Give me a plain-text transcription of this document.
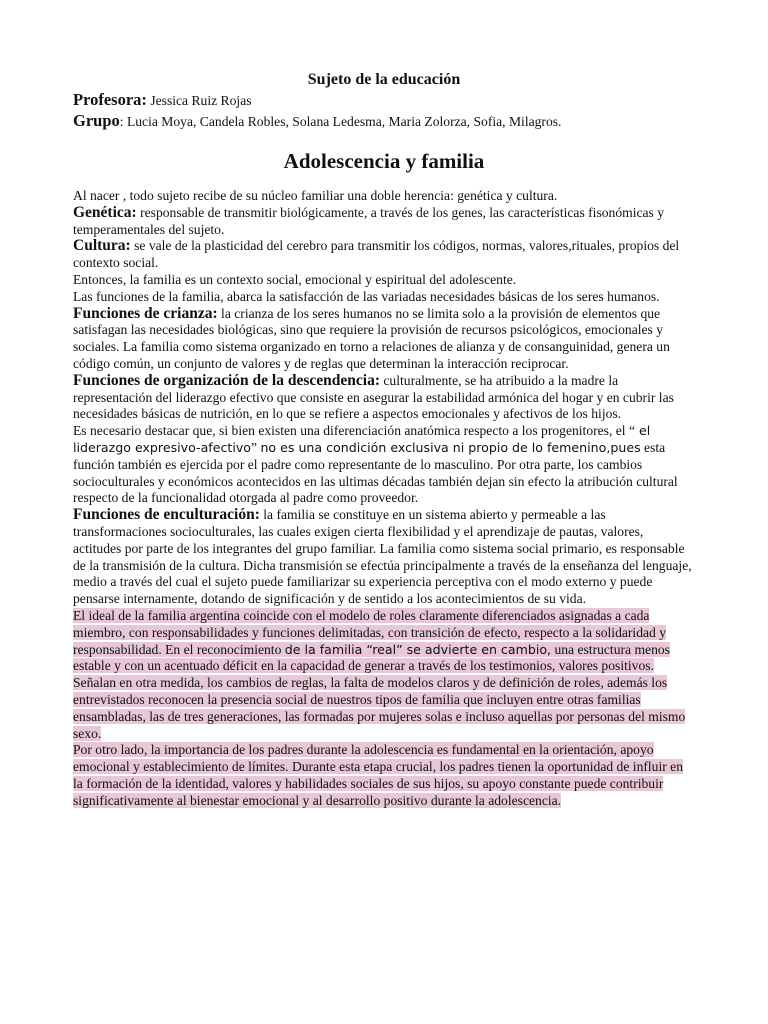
Sujeto de la educación

Profesora: Jessica Ruiz Rojas

Grupo: Lucia Moya, Candela Robles, Solana Ledesma, Maria Zolorza, Sofia, Milagros.

Adolescencia y familia

Al nacer , todo sujeto recibe de su núcleo familiar una doble herencia: genética y cultura.

Genética: responsable de transmitir biológicamente, a través de los genes, las características fisonómicas y temperamentales del sujeto.

Cultura: se vale de la plasticidad del cerebro para transmitir los códigos, normas, valores,rituales, propios del contexto social.

Entonces, la familia es un contexto social, emocional y espiritual del adolescente.

Las funciones de la familia, abarca la satisfacción de las variadas necesidades básicas de los seres humanos.

Funciones de crianza: la crianza de los seres humanos no se limita solo a la provisión de elementos que satisfagan las necesidades biológicas, sino que requiere la provisión de recursos psicológicos, emocionales y sociales. La familia como sistema organizado en torno a relaciones de alianza y de consanguinidad, genera un código común, un conjunto de valores y de reglas que determinan la interacción reciprocar.

Funciones de organización de la descendencia: culturalmente, se ha atribuido a la madre la representación del liderazgo efectivo que consiste en asegurar la estabilidad armónica del hogar y en cubrir las necesidades básicas de nutrición, en lo que se refiere a aspectos emocionales y afectivos de los hijos.

Es necesario destacar que, si bien existen una diferenciación anatómica respecto a los progenitores, el “ el liderazgo expresivo-afectivo” no es una condición exclusiva ni propio de lo femenino,pues esta función también es ejercida por el padre como representante de lo masculino. Por otra parte, los cambios socioculturales y económicos acontecidos en las ultimas décadas también dejan sin efecto la atribución cultural respecto de la funcionalidad otorgada al padre como proveedor.

Funciones de enculturación: la familia se constituye en un sistema abierto y permeable a las transformaciones socioculturales, las cuales exigen cierta flexibilidad y el aprendizaje de pautas, valores, actitudes por parte de los integrantes del grupo familiar. La familia como sistema social primario, es responsable de la transmisión de la cultura. Dicha transmisión se efectúa principalmente a través de la enseñanza del lenguaje, medio a través del cual el sujeto puede familiarizar su experiencia perceptiva con el modo externo y puede pensarse internamente, dotando de significación y de sentido a los acontecimientos de su vida.

El ideal de la familia argentina coincide con el modelo de roles claramente diferenciados asignadas a cada miembro, con responsabilidades y funciones delimitadas, con transición de efecto, respecto a la solidaridad y responsabilidad. En el reconocimiento de la familia “real” se advierte en cambio, una estructura menos estable y con un acentuado déficit en la capacidad de generar a través de los testimonios, valores positivos. Señalan en otra medida, los cambios de reglas, la falta de modelos claros y de definición de roles, además los entrevistados reconocen la presencia social de nuestros tipos de familia que incluyen entre otras familias ensambladas, las de tres generaciones, las formadas por mujeres solas e incluso aquellas por personas del mismo sexo.

Por otro lado, la importancia de los padres durante la adolescencia es fundamental en la orientación, apoyo emocional y establecimiento de límites. Durante esta etapa crucial, los padres tienen la oportunidad de influir en la formación de la identidad, valores y habilidades sociales de sus hijos, su apoyo constante puede contribuir significativamente al bienestar emocional y al desarrollo positivo durante la adolescencia.
